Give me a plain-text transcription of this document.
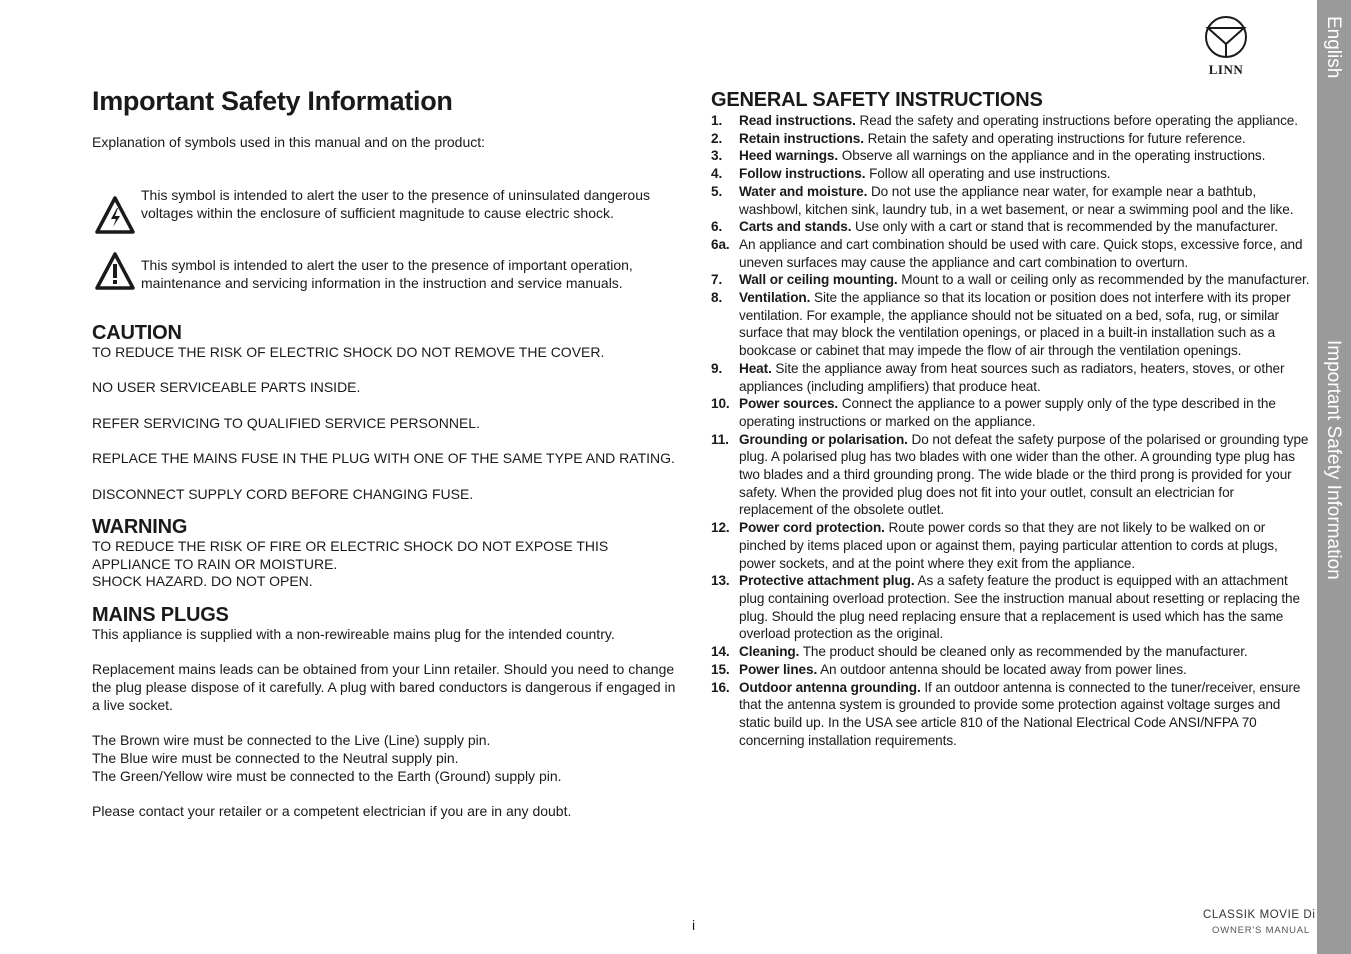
English
Important Safety Information
LINN
Important Safety Information
Explanation of symbols used in this manual and on the product:
This symbol is intended to alert the user to the presence of uninsulated dangerous voltages within the enclosure of sufficient magnitude to cause electric shock.
This symbol is intended to alert the user to the presence of important operation, maintenance and servicing information in the instruction and service manuals.

CAUTION

TO REDUCE THE RISK OF ELECTRIC SHOCK DO NOT REMOVE THE COVER.

NO USER SERVICEABLE PARTS INSIDE.

REFER SERVICING TO QUALIFIED SERVICE PERSONNEL.

REPLACE THE MAINS FUSE IN THE PLUG WITH ONE OF THE SAME TYPE AND RATING.

DISCONNECT SUPPLY CORD BEFORE CHANGING FUSE.

WARNING

TO REDUCE THE RISK OF FIRE OR ELECTRIC SHOCK DO NOT EXPOSE THIS APPLIANCE TO RAIN OR MOISTURE.

SHOCK HAZARD. DO NOT OPEN.

MAINS PLUGS

This appliance is supplied with a non-rewireable mains plug for the intended country.

Replacement mains leads can be obtained from your Linn retailer. Should you need to change the plug please dispose of it carefully. A plug with bared conductors is dangerous if engaged in a live socket.

The Brown wire must be connected to the Live (Line) supply pin.

The Blue wire must be connected to the Neutral supply pin.

The Green/Yellow wire must be connected to the Earth (Ground) supply pin.

Please contact your retailer or a competent electrician if you are in any doubt.

GENERAL SAFETY INSTRUCTIONS
1. Read instructions. Read the safety and operating instructions before operating the appliance.
2. Retain instructions. Retain the safety and operating instructions for future reference.
3. Heed warnings. Observe all warnings on the appliance and in the operating instructions.
4. Follow instructions. Follow all operating and use instructions.
5. Water and moisture. Do not use the appliance near water, for example near a bathtub, washbowl, kitchen sink, laundry tub, in a wet basement, or near a swimming pool and the like.
6. Carts and stands. Use only with a cart or stand that is recommended by the manufacturer.
6a. An appliance and cart combination should be used with care. Quick stops, excessive force, and uneven surfaces may cause the appliance and cart combination to overturn.
7. Wall or ceiling mounting. Mount to a wall or ceiling only as recommended by the manufacturer.
8. Ventilation. Site the appliance so that its location or position does not interfere with its proper ventilation. For example, the appliance should not be situated on a bed, sofa, rug, or similar surface that may block the ventilation openings, or placed in a built-in installation such as a bookcase or cabinet that may impede the flow of air through the ventilation openings.
9. Heat. Site the appliance away from heat sources such as radiators, heaters, stoves, or other appliances (including amplifiers) that produce heat.
10. Power sources. Connect the appliance to a power supply only of the type described in the operating instructions or marked on the appliance.
11. Grounding or polarisation. Do not defeat the safety purpose of the polarised or grounding type plug. A polarised plug has two blades with one wider than the other. A grounding type plug has two blades and a third grounding prong. The wide blade or the third prong is provided for your safety. When the provided plug does not fit into your outlet, consult an electrician for replacement of the obsolete outlet.
12. Power cord protection. Route power cords so that they are not likely to be walked on or pinched by items placed upon or against them, paying particular attention to cords at plugs, power sockets, and at the point where they exit from the appliance.
13. Protective attachment plug. As a safety feature the product is equipped with an attachment plug containing overload protection. See the instruction manual about resetting or replacing the plug. Should the plug need replacing ensure that a replacement is used which has the same overload protection as the original.
14. Cleaning. The product should be cleaned only as recommended by the manufacturer.
15. Power lines. An outdoor antenna should be located away from power lines.
16. Outdoor antenna grounding. If an outdoor antenna is connected to the tuner/receiver, ensure that the antenna system is grounded to provide some protection against voltage surges and static build up. In the USA see article 810 of the National Electrical Code ANSI/NFPA 70 concerning installation requirements.
i
CLASSIK MOVIE Di
OWNER'S MANUAL
